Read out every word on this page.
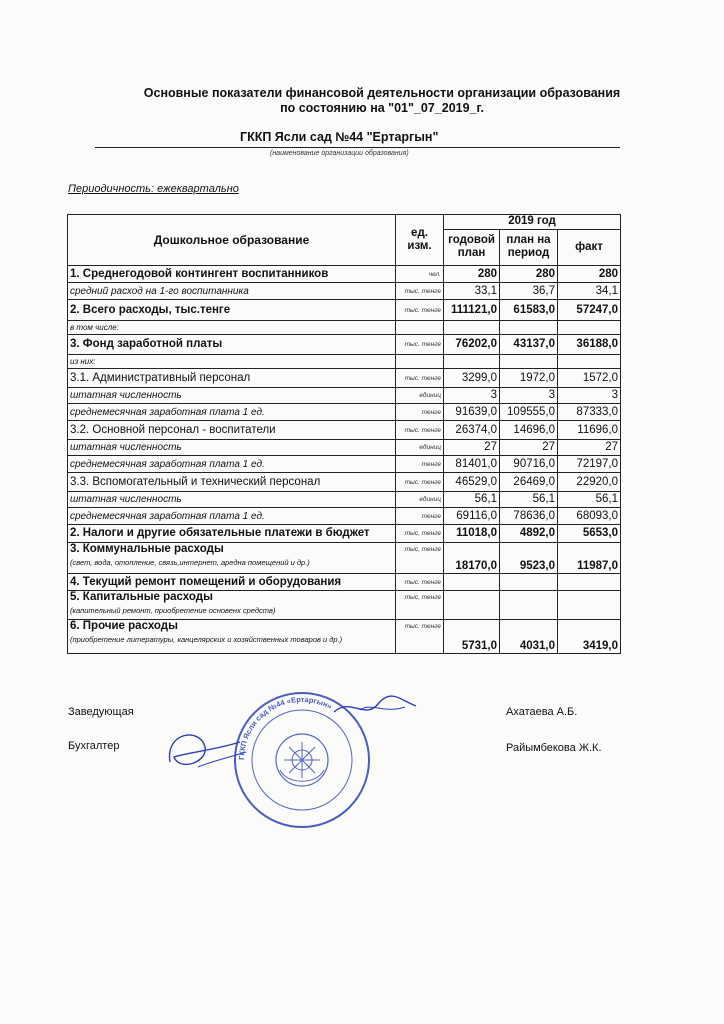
Основные показатели финансовой деятельности организации образования
по состоянию на "01"_07_2019_г.
ГККП Ясли сад №44 "Ертаргын"
(наименование организации образования)
Периодичность: ежеквартально
Дошкольное образование	ед. изм.	2019 год		
		годовой план	план на период	факт
1. Среднегодовой контингент воспитанников	чел.	280	280	280
средний расход на 1-го воспитанника	тыс. тенге	33,1	36,7	34,1
2. Всего расходы, тыс.тенге	тыс. тенге	111121,0	61583,0	57247,0
в том числе:				
3. Фонд заработной платы	тыс. тенге	76202,0	43137,0	36188,0
из них:				
3.1. Административный персонал	тыс. тенге	3299,0	1972,0	1572,0
штатная численность	единиц	3	3	3
среднемесячная заработная плата 1 ед.	тенге	91639,0	109555,0	87333,0
3.2. Основной персонал - воспитатели	тыс. тенге	26374,0	14696,0	11696,0
штатная численность	единиц	27	27	27
среднемесячная заработная плата 1 ед.	тенге	81401,0	90716,0	72197,0
3.3. Вспомогательный и технический персонал	тыс. тенге	46529,0	26469,0	22920,0
штатная численность	единиц	56,1	56,1	56,1
среднемесячная заработная плата 1 ед.	тенге	69116,0	78636,0	68093,0
2. Налоги и другие обязательные платежи в бюджет	тыс. тенге	11018,0	4892,0	5653,0
3. Коммунальные расходы
(свет, вода, отопление, связь,интернет, аредна помещений и др.)	тыс. тенге	18170,0	9523,0	11987,0
4. Текущий ремонт помещений и оборудования	тыс. тенге			
5. Капитальные расходы
(капительный ремонт, приобретение основенх средств)	тыс. тенге			
6. Прочие расходы
(приобретение литературы, канцелярских и хозяйственных товаров и др.)	тыс. тенге	5731,0	4031,0	3419,0
Заведующая	Ахатаева А.Б.
Бухгалтер	Райымбекова Ж.К.
ГККП Ясли сад №44 «Ертаргын»
